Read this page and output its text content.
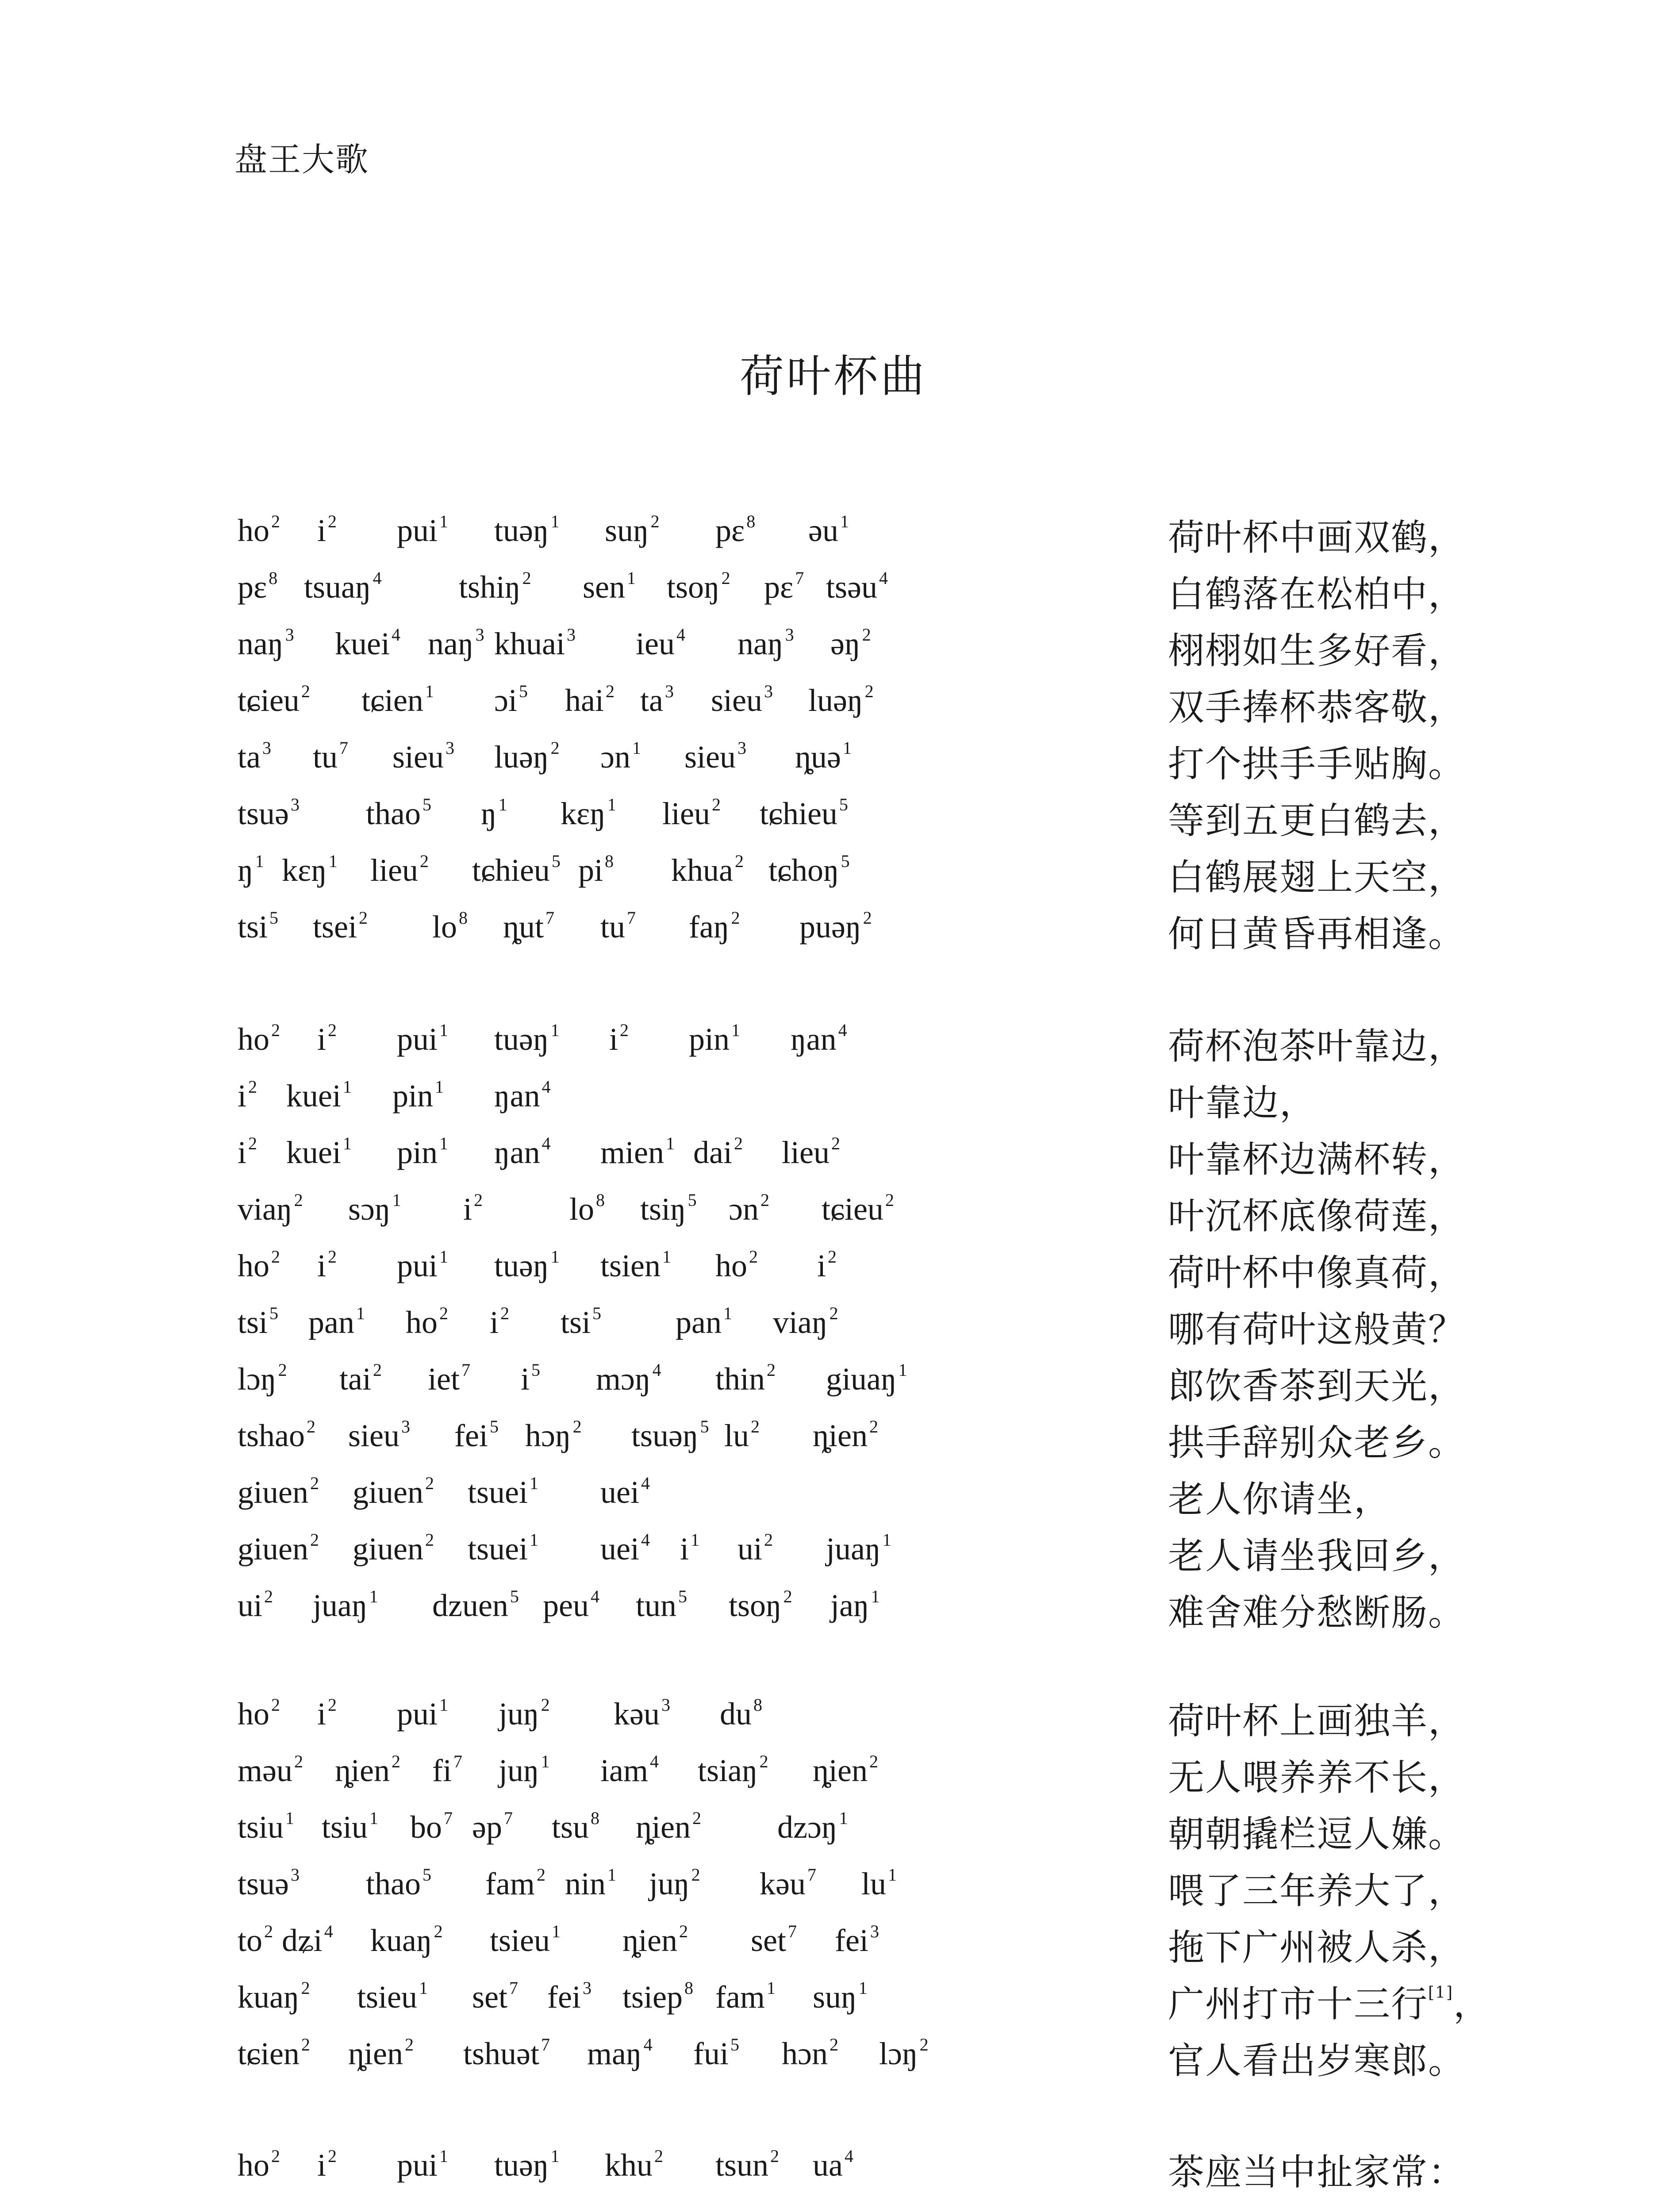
盘王大歌
荷叶杯曲
ho $^2$ i $^2$ pui $^1$ tuəŋ $^1$ suŋ $^2$ pɛ $^8$ əu $^1$	荷叶杯中画双鹤，
pɛ $^8$ tsuaŋ $^4$ tshiŋ $^2$ sen $^1$ tsoŋ $^2$ pɛ $^7$ tsəu $^4$	白鹤落在松柏中，
naŋ $^3$ kuei $^4$ naŋ $^3$ khuai $^3$ ieu $^4$ naŋ $^3$ əŋ $^2$	栩栩如生多好看，
tɕieu $^2$ tɕien $^1$ ɔi $^5$ hai $^2$ ta $^3$ sieu $^3$ luəŋ $^2$	双手捧杯恭客敬，
ta $^3$ tu $^7$ sieu $^3$ luəŋ $^2$ ɔn $^1$ sieu $^3$ ȵuə $^1$	打个拱手手贴胸。
tsuə $^3$ thao $^5$ ŋ $^1$ kɛŋ $^1$ lieu $^2$ tɕhieu $^5$	等到五更白鹤去，
ŋ $^1$ kɛŋ $^1$ lieu $^2$ tɕhieu $^5$ pi $^8$ khua $^2$ tɕhoŋ $^5$	白鹤展翅上天空，
tsi $^5$ tsei $^2$ lo $^8$ ȵut $^7$ tu $^7$ faŋ $^2$ puəŋ $^2$	何日黄昏再相逢。
ho $^2$ i $^2$ pui $^1$ tuəŋ $^1$ i $^2$ pin $^1$ ŋan $^4$	荷杯泡茶叶靠边，
i $^2$ kuei $^1$ pin $^1$ ŋan $^4$	叶靠边，
i $^2$ kuei $^1$ pin $^1$ ŋan $^4$ mien $^1$ dai $^2$ lieu $^2$	叶靠杯边满杯转，
viaŋ $^2$ sɔŋ $^1$ i $^2$	lo $^8$ tsiŋ $^5$ ɔn $^2$ tɕieu $^2$	叶沉杯底像荷莲，
ho $^2$ i $^2$ pui $^1$ tuəŋ $^1$ tsien $^1$ ho $^2$ i $^2$	荷叶杯中像真荷，
tsi $^5$ pan $^1$ ho $^2$ i $^2$ tsi $^5$ pan $^1$ viaŋ $^2$	哪有荷叶这般黄？
lɔŋ $^2$ tai $^2$ iet $^7$ i $^5$ mɔŋ $^4$ thin $^2$ giuaŋ $^1$	郎饮香茶到天光，
tshao $^2$ sieu $^3$ fei $^5$ hɔŋ $^2$ tsuəŋ $^5$ lu $^2$ ȵien $^2$	拱手辞别众老乡。
giuen $^2$ giuen $^2$ tsuei $^1$ uei $^4$	老人你请坐，
giuen $^2$ giuen $^2$ tsuei $^1$ uei $^4$ i $^1$ ui $^2$ juaŋ $^1$	老人请坐我回乡，
ui $^2$ juaŋ $^1$ dzuen $^5$ peu $^4$ tun $^5$ tsoŋ $^2$ jaŋ $^1$	难舍难分愁断肠。
ho $^2$ i $^2$ pui $^1$ juŋ $^2$ kəu $^3$ du $^8$	荷叶杯上画独羊，
məu $^2$ ȵien $^2$ fi $^7$ juŋ $^1$ iam $^4$ tsiaŋ $^2$ ȵien $^2$	无人喂养养不长，
tsiu $^1$ tsiu $^1$ bo $^7$ əp $^7$ tsu $^8$ ȵien $^2$ dzɔŋ $^1$	朝朝撬栏逗人嫌。
tsuə $^3$ thao $^5$ fam $^2$ nin $^1$ juŋ $^2$ kəu $^7$ lu $^1$	喂了三年养大了，
to $^2$ dʑi $^4$ kuaŋ $^2$ tsieu $^1$ ȵien $^2$ set $^7$ fei $^3$	拖下广州被人杀，
kuaŋ $^2$ tsieu $^1$ set $^7$ fei $^3$ tsiep $^8$ fam $^1$ suŋ $^1$	广州打市十三行[1]，
tɕien $^2$ ȵien $^2$ tshuət $^7$ maŋ $^4$ fui $^5$ hɔn $^2$ lɔŋ $^2$	官人看出岁寒郎。
ho $^2$ i $^2$ pui $^1$ tuəŋ $^1$ khu $^2$ tsun $^2$ ua $^4$	茶座当中扯家常：
